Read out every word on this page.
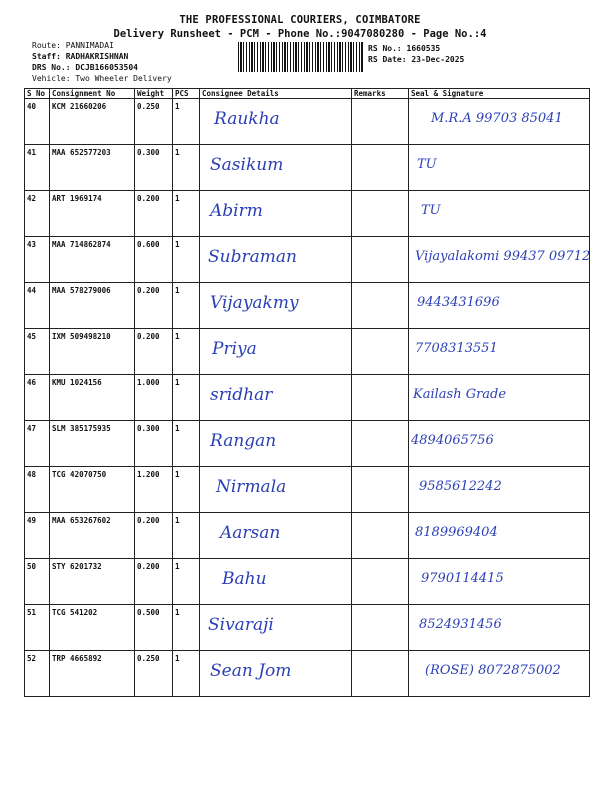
THE PROFESSIONAL COURIERS, COIMBATORE
Delivery Runsheet - PCM - Phone No.:9047080280 - Page No.:4
Route: PANNIMADAI
Staff: RADHAKRISHNAN
DRS No.: DCJB166053504
Vehicle: Two Wheeler Delivery
RS No.: 1660535
RS Date: 23-Dec-2025
S No	Consignment No	Weight	PCS	Consignee Details	Remarks	Seal & Signature
40	KCM 21660206	0.250	1	Raukha		M.R.A 99703 85041

41	MAA 652577203	0.300	1	Sasikum		TU

42	ART 1969174	0.200	1	Abirm		TU

43	MAA 714862874	0.600	1	Subraman		Vijayalakomi 99437 09712

44	MAA 578279006	0.200	1	Vijayakmy		9443431696

45	IXM 509498210	0.200	1	Priya		7708313551

46	KMU 1024156	1.000	1	sridhar		Kailash Grade

47	SLM 385175935	0.300	1	Rangan		4894065756

48	TCG 42070750	1.200	1	Nirmala		9585612242

49	MAA 653267602	0.200	1	Aarsan		8189969404

50	STY 6201732	0.200	1	Bahu		9790114415

51	TCG 541202	0.500	1	Sivaraji		8524931456

52	TRP 4665892	0.250	1	Sean Jom		(ROSE) 8072875002
